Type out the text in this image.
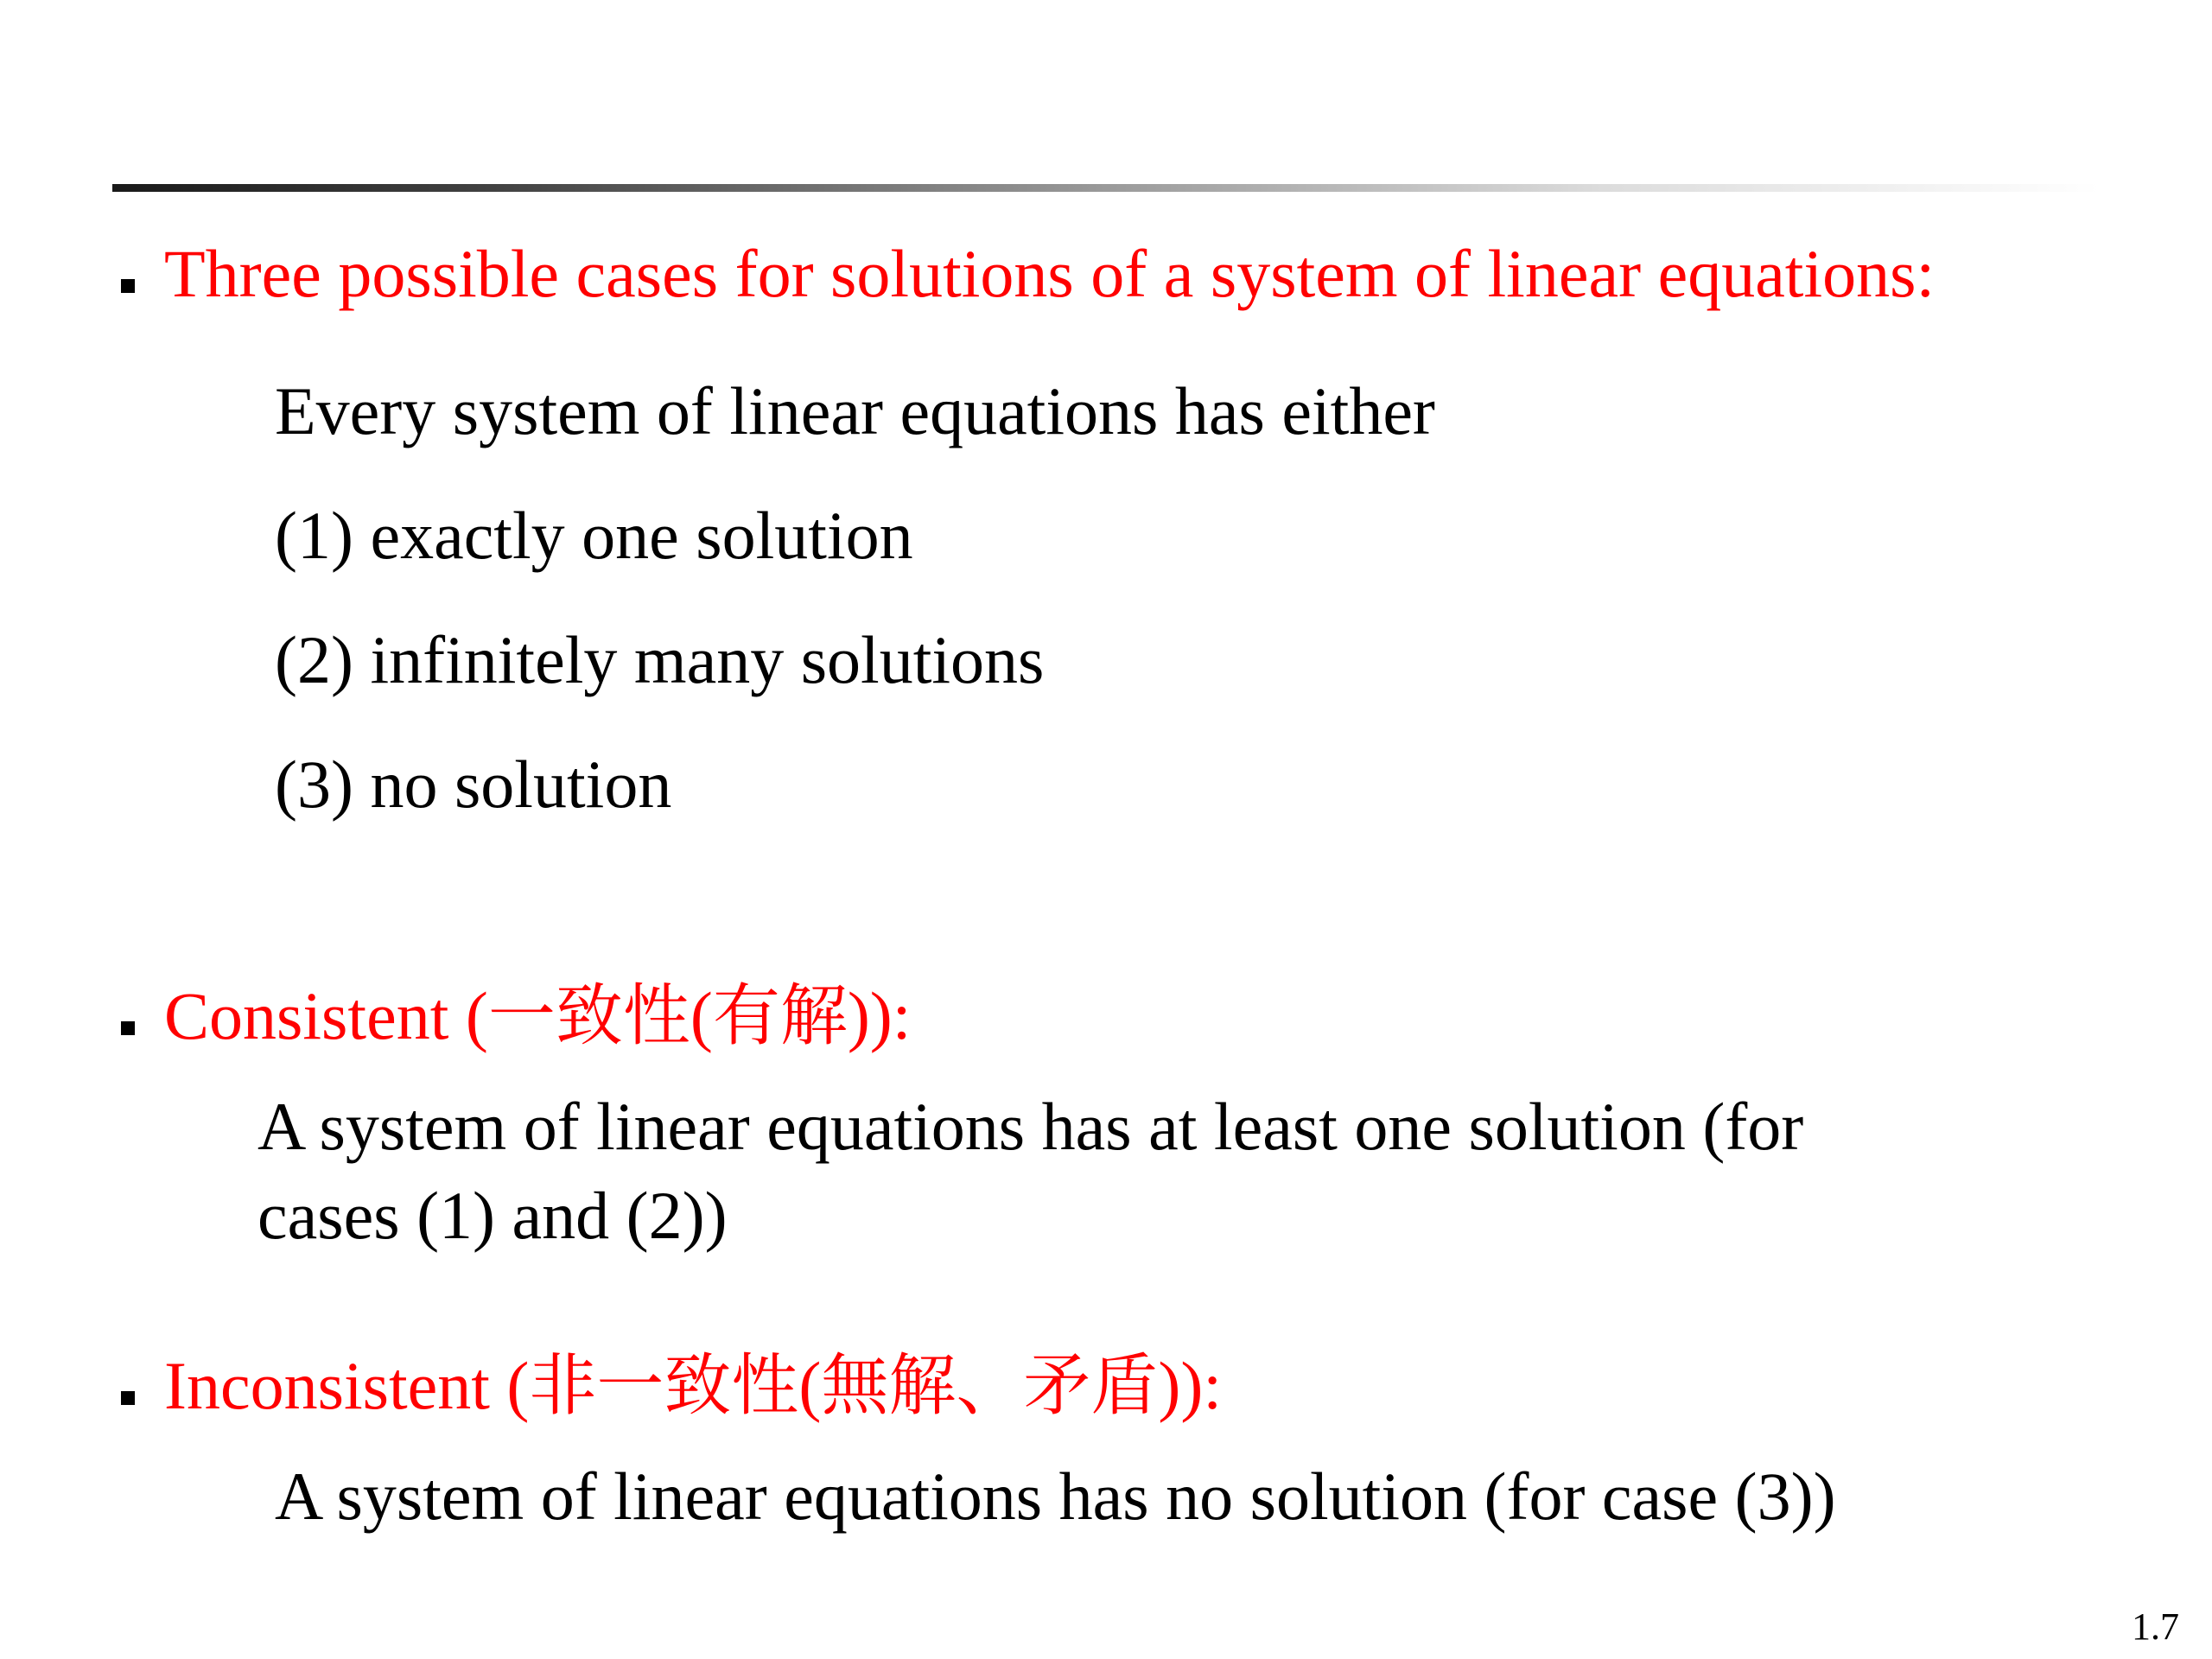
Three possible cases for solutions of a system of linear equations:
Every system of linear equations has either
(1) exactly one solution
(2) infinitely many solutions
(3) no solution
Consistent (一致性(有解)):
A system of linear equations has at least one solution (for
cases (1) and (2))
Inconsistent (非一致性(無解、矛盾)):
A system of linear equations has no solution (for case (3))
1.7
